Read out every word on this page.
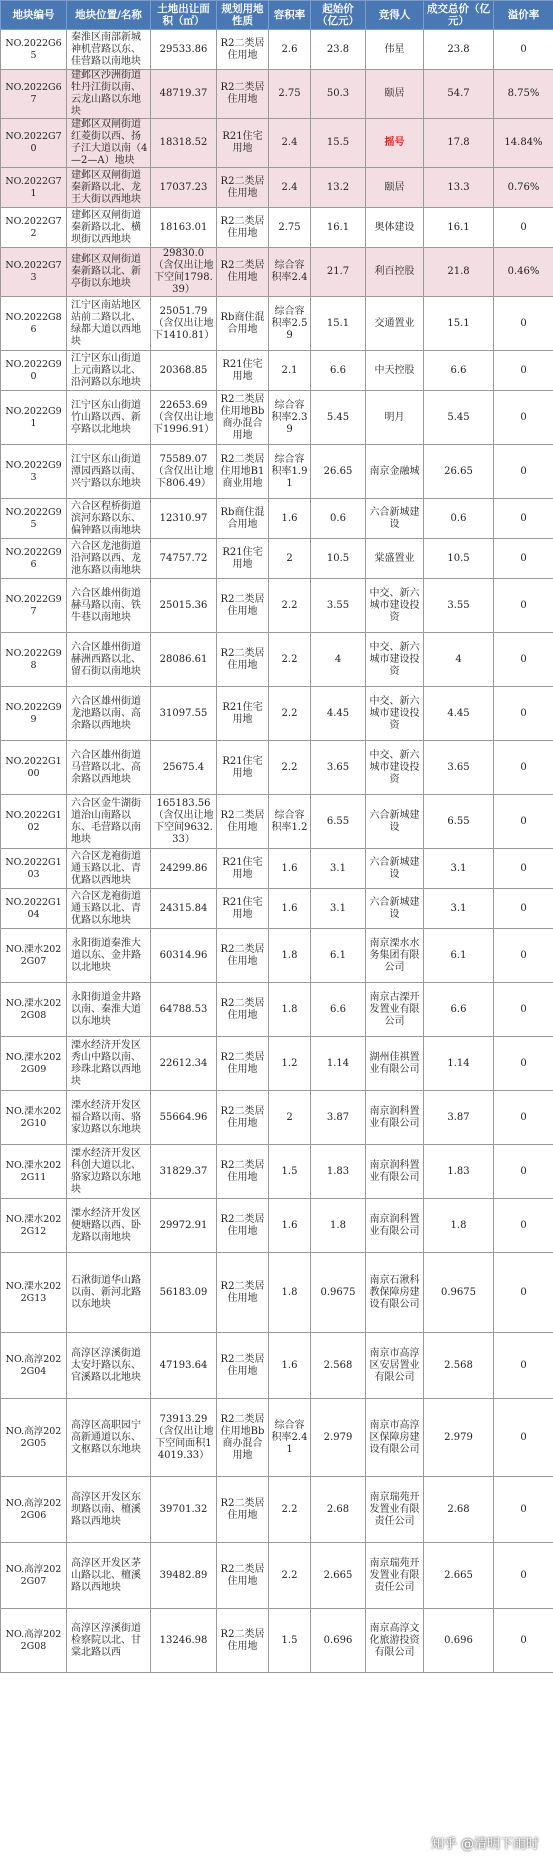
地块编号	地块位置/名称	土地出让面积（㎡）	规划用地性质	容积率	起始价（亿元）	竞得人	成交总价（亿元）	溢价率
NO.2022G65	秦淮区南部新城神机营路以东、佳营路以南地块	29533.86	R2二类居住用地	2.6	23.8	伟星	23.8	0
NO.2022G67	建邺区沙洲街道牡丹江街以南、云龙山路以东地块	48719.37	R2二类居住用地	2.75	50.3	颐居	54.7	8.75%
NO.2022G70	建邺区双闸街道红菱街以西、扬子江大道以南（4—2—A）地块	18318.52	R21住宅用地	2.4	15.5	摇号	17.8	14.84%
NO.2022G71	建邺区双闸街道秦新路以北、龙王大街以西地块	17037.23	R2二类居住用地	2.4	13.2	颐居	13.3	0.76%
NO.2022G72	建邺区双闸街道秦新路以北、横坝街以西地块	18163.01	R2二类居住用地	2.75	16.1	奥体建设	16.1	0
NO.2022G73	建邺区双闸街道秦新路以北、新亭街以东地块	29830.0（含仅出让地下空间1798.39）	R2二类居住用地	综合容积率2.4	21.7	利百控股	21.8	0.46%
NO.2022G86	江宁区南站地区站前二路以北、绿都大道以西地块	25051.79（含仅出让地下1410.81）	Rb商住混合用地	综合容积率2.59	15.1	交通置业	15.1	0
NO.2022G90	江宁区东山街道上元南路以北、沿河路以东地块	20368.85	R21住宅用地	2.1	6.6	中天控股	6.6	0
NO.2022G91	江宁区东山街道竹山路以西、新亭路以北地块	22653.69（含仅出让地下1996.91）	R2二类居住用地Bb商办混合用地	综合容积率2.39	5.45	明月	5.45	0
NO.2022G93	江宁区东山街道潭园西路以南、兴宁路以东地块	75589.07（含仅出让地下806.49）	R2二类居住用地B1商业用地	综合容积率1.91	26.65	南京金融城	26.65	0
NO.2022G95	六合区程桥街道滨河东路以东、偏钟路以南地块	12310.97	Rb商住混合用地	1.6	0.6	六合新城建设	0.6	0
NO.2022G96	六合区龙池街道沿河路以西、龙池东路以南地块	74757.72	R21住宅用地	2	10.5	棠盛置业	10.5	0
NO.2022G97	六合区雄州街道赫马路以南、铁牛巷以南地块	25015.36	R2二类居住用地	2.2	3.55	中交、新六城市建设投资	3.55	0
NO.2022G98	六合区雄州街道赫洲西路以北、留石街以南地块	28086.61	R2二类居住用地	2.2	4	中交、新六城市建设投资	4	0
NO.2022G99	六合区雄州街道龙池路以南、高余路以西地块	31097.55	R21住宅用地	2.2	4.45	中交、新六城市建设投资	4.45	0
NO.2022G100	六合区雄州街道马营路以北、高余路以西地块	25675.4	R21住宅用地	2.2	3.65	中交、新六城市建设投资	3.65	0
NO.2022G102	六合区金牛湖街道治山南路以东、毛营路以南地块	165183.56（含仅出让地下空间9632.33）	R2二类居住用地	综合容积率1.2	6.55	六合新城建设	6.55	0
NO.2022G103	六合区龙袍街道通玉路以北、青优路以西地块	24299.86	R21住宅用地	1.6	3.1	六合新城建设	3.1	0
NO.2022G104	六合区龙袍街道通玉路以北、青优路以东地块	24315.84	R21住宅用地	1.6	3.1	六合新城建设	3.1	0
NO.溧水2022G07	永阳街道秦淮大道以东、金井路以北地块	60314.96	R2二类居住用地	1.8	6.1	南京溧水水务集团有限公司	6.1	0
NO.溧水2022G08	永阳街道金井路以南、秦淮大道以东地块	64788.53	R2二类居住用地	1.8	6.6	南京古溧开发置业有限公司	6.6	0
NO.溧水2022G09	溧水经济开发区秀山中路以南、珍珠北路以西地块	22612.34	R2二类居住用地	1.2	1.14	湖州佳祺置业有限公司	1.14	0
NO.溧水2022G10	溧水经济开发区福合路以南、骆家边路以东地块	55664.96	R2二类居住用地	2	3.87	南京润科置业有限公司	3.87	0
NO.溧水2022G11	溧水经济开发区科创大道以北、骆家边路以东地块	31829.37	R2二类居住用地	1.5	1.83	南京润科置业有限公司	1.83	0
NO.溧水2022G12	溧水经济开发区便塘路以西、卧龙路以南地块	29972.91	R2二类居住用地	1.6	1.8	南京润科置业有限公司	1.8	0
NO.溧水2022G13	石湫街道华山路以南、新河北路以东地块	56183.09	R2二类居住用地	1.8	0.9675	南京石湫科教保障房建设有限公司	0.9675	0
NO.高淳2022G04	高淳区淳溪街道太安圩路以东、官溪路以北地块	47193.64	R2二类居住用地	1.6	2.568	南京市高淳区安居置业有限公司	2.568	0
NO.高淳2022G05	高淳区高职园宁高新通道以东、文枢路以东地块	73913.29（含仅出让地下空间面积14019.33）	R2二类居住用地Bb商办混合用地	综合容积率2.41	2.979	南京市高淳区保障房建设有限公司	2.979	0
NO.高淳2022G06	高淳区开发区东坝路以南、檀溪路以西地块	39701.32	R2二类居住用地	2.2	2.68	南京瑞苑开发置业有限责任公司	2.68	0
NO.高淳2022G07	高淳区开发区茅山路以北、檀溪路以西地块	39482.89	R2二类居住用地	2.2	2.665	南京瑞苑开发置业有限责任公司	2.665	0
NO.高淳2022G08	高淳区淳溪街道检察院以北、甘棠北路以西	13246.98	R2二类居住用地	1.5	0.696	南京高淳文化旅游投资有限公司	0.696	0
知乎 @清明下雨时
